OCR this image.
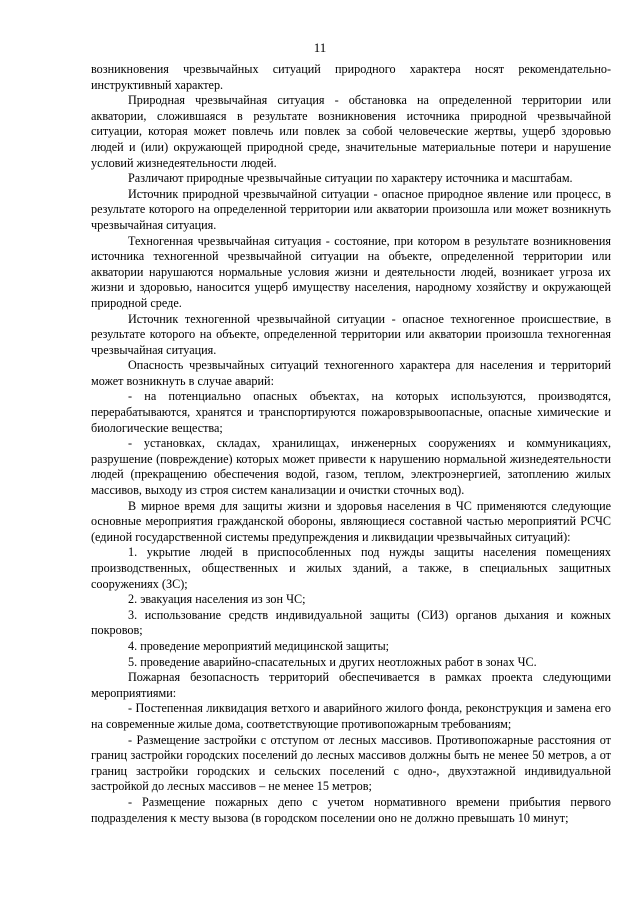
11

возникновения чрезвычайных ситуаций природного характера носят рекомендательно-инструктивный характер.

Природная чрезвычайная ситуация - обстановка на определенной территории или акватории, сложившаяся в результате возникновения источника природной чрезвычайной ситуации, которая может повлечь или повлек за собой человеческие жертвы, ущерб здоровью людей и (или) окружающей природной среде, значительные материальные потери и нарушение условий жизнедеятельности людей.

Различают природные чрезвычайные ситуации по характеру источника и масштабам.

Источник природной чрезвычайной ситуации - опасное природное явление или процесс, в результате которого на определенной территории или акватории произошла или может возникнуть чрезвычайная ситуация.

Техногенная чрезвычайная ситуация - состояние, при котором в результате возникновения источника техногенной чрезвычайной ситуации на объекте, определенной территории или акватории нарушаются нормальные условия жизни и деятельности людей, возникает угроза их жизни и здоровью, наносится ущерб имуществу населения, народному хозяйству и окружающей природной среде.

Источник техногенной чрезвычайной ситуации - опасное техногенное происшествие, в результате которого на объекте, определенной территории или акватории произошла техногенная чрезвычайная ситуация.

Опасность чрезвычайных ситуаций техногенного характера для населения и территорий может возникнуть в случае аварий:

- на потенциально опасных объектах, на которых используются, производятся, перерабатываются, хранятся и транспортируются пожаровзрывоопасные, опасные химические и биологические вещества;

- установках, складах, хранилищах, инженерных сооружениях и коммуникациях, разрушение (повреждение) которых может привести к нарушению нормальной жизнедеятельности людей (прекращению обеспечения водой, газом, теплом, электроэнергией, затоплению жилых массивов, выходу из строя систем канализации и очистки сточных вод).

В мирное время для защиты жизни и здоровья населения в ЧС применяются следующие основные мероприятия гражданской обороны, являющиеся составной частью мероприятий РСЧС (единой государственной системы предупреждения и ликвидации чрезвычайных ситуаций):

1. укрытие людей в приспособленных под нужды защиты населения помещениях производственных, общественных и жилых зданий, а также, в специальных защитных сооружениях (ЗС);

2. эвакуация населения из зон ЧС;

3. использование средств индивидуальной защиты (СИЗ) органов дыхания и кожных покровов;

4. проведение мероприятий медицинской защиты;

5. проведение аварийно-спасательных и других неотложных работ в зонах ЧС.

Пожарная безопасность территорий обеспечивается в рамках проекта следующими мероприятиями:

- Постепенная ликвидация ветхого и аварийного жилого фонда, реконструкция и замена его на современные жилые дома, соответствующие противопожарным требованиям;

- Размещение застройки с отступом от лесных массивов. Противопожарные расстояния от границ застройки городских поселений до лесных массивов должны быть не менее 50 метров, а от границ застройки городских и сельских поселений с одно-, двухэтажной индивидуальной застройкой до лесных массивов – не менее 15 метров;

- Размещение пожарных депо с учетом нормативного времени прибытия первого подразделения к месту вызова (в городском поселении оно не должно превышать 10 минут;
